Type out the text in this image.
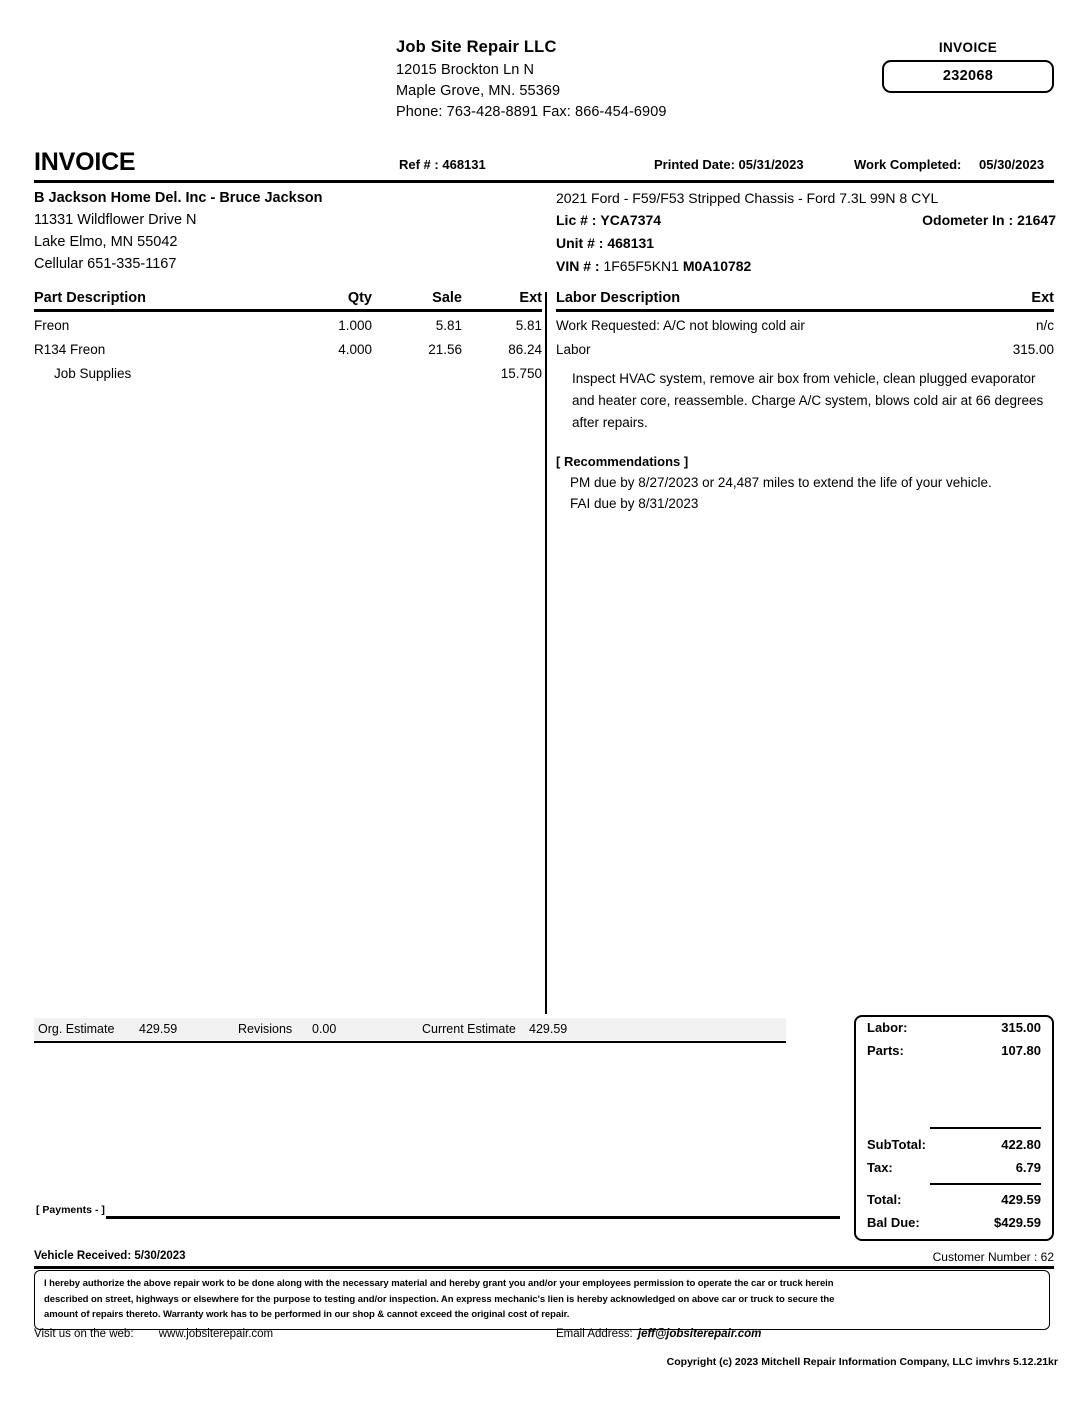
Job Site Repair LLC
12015 Brockton Ln N
Maple Grove, MN. 55369
Phone: 763-428-8891 Fax: 866-454-6909
INVOICE
232068
INVOICE	Ref # : 468131	Printed Date: 05/31/2023	Work Completed: 05/30/2023
B Jackson Home Del. Inc - Bruce Jackson
11331 Wildflower Drive N
Lake Elmo, MN 55042
Cellular 651-335-1167
2021 Ford - F59/F53 Stripped Chassis - Ford 7.3L 99N 8 CYL
Lic # : YCA7374	Odometer In : 21647
Unit # : 468131
VIN # : 1F65F5KN1 M0A10782
Part Description	Qty	Sale	Ext Labor Description	Ext
Freon	1.000	5.81	5.81
R134 Freon	4.000	21.56	86.24
Job Supplies	15.750
Work Requested: A/C not blowing cold air	n/c
Labor	315.00
Inspect HVAC system, remove air box from vehicle, clean plugged evaporator and heater core, reassemble. Charge A/C system, blows cold air at 66 degrees after repairs.
[ Recommendations ]
PM due by 8/27/2023 or 24,487 miles to extend the life of your vehicle.
FAI due by 8/31/2023
Org. Estimate 429.59	Revisions 0.00	Current Estimate 429.59	Labor:	315.00
Parts:	107.80
SubTotal:	422.80
Tax:	6.79
Total:	429.59
Bal Due:	$429.59
[ Payments - ]
Vehicle Received: 5/30/2023	Customer Number : 62
I hereby authorize the above repair work to be done along with the necessary material and hereby grant you and/or your employees permission to operate the car or truck herein
described on street, highways or elsewhere for the purpose to testing and/or inspection. An express mechanic's lien is hereby acknowledged on above car or truck to secure the
amount of repairs thereto. Warranty work has to be performed in our shop & cannot exceed the original cost of repair.
Visit us on the web: www.jobsiterepair.com	Email Address: jeff@jobsiterepair.com
Copyright (c) 2023 Mitchell Repair Information Company, LLC imvhrs 5.12.21kr
